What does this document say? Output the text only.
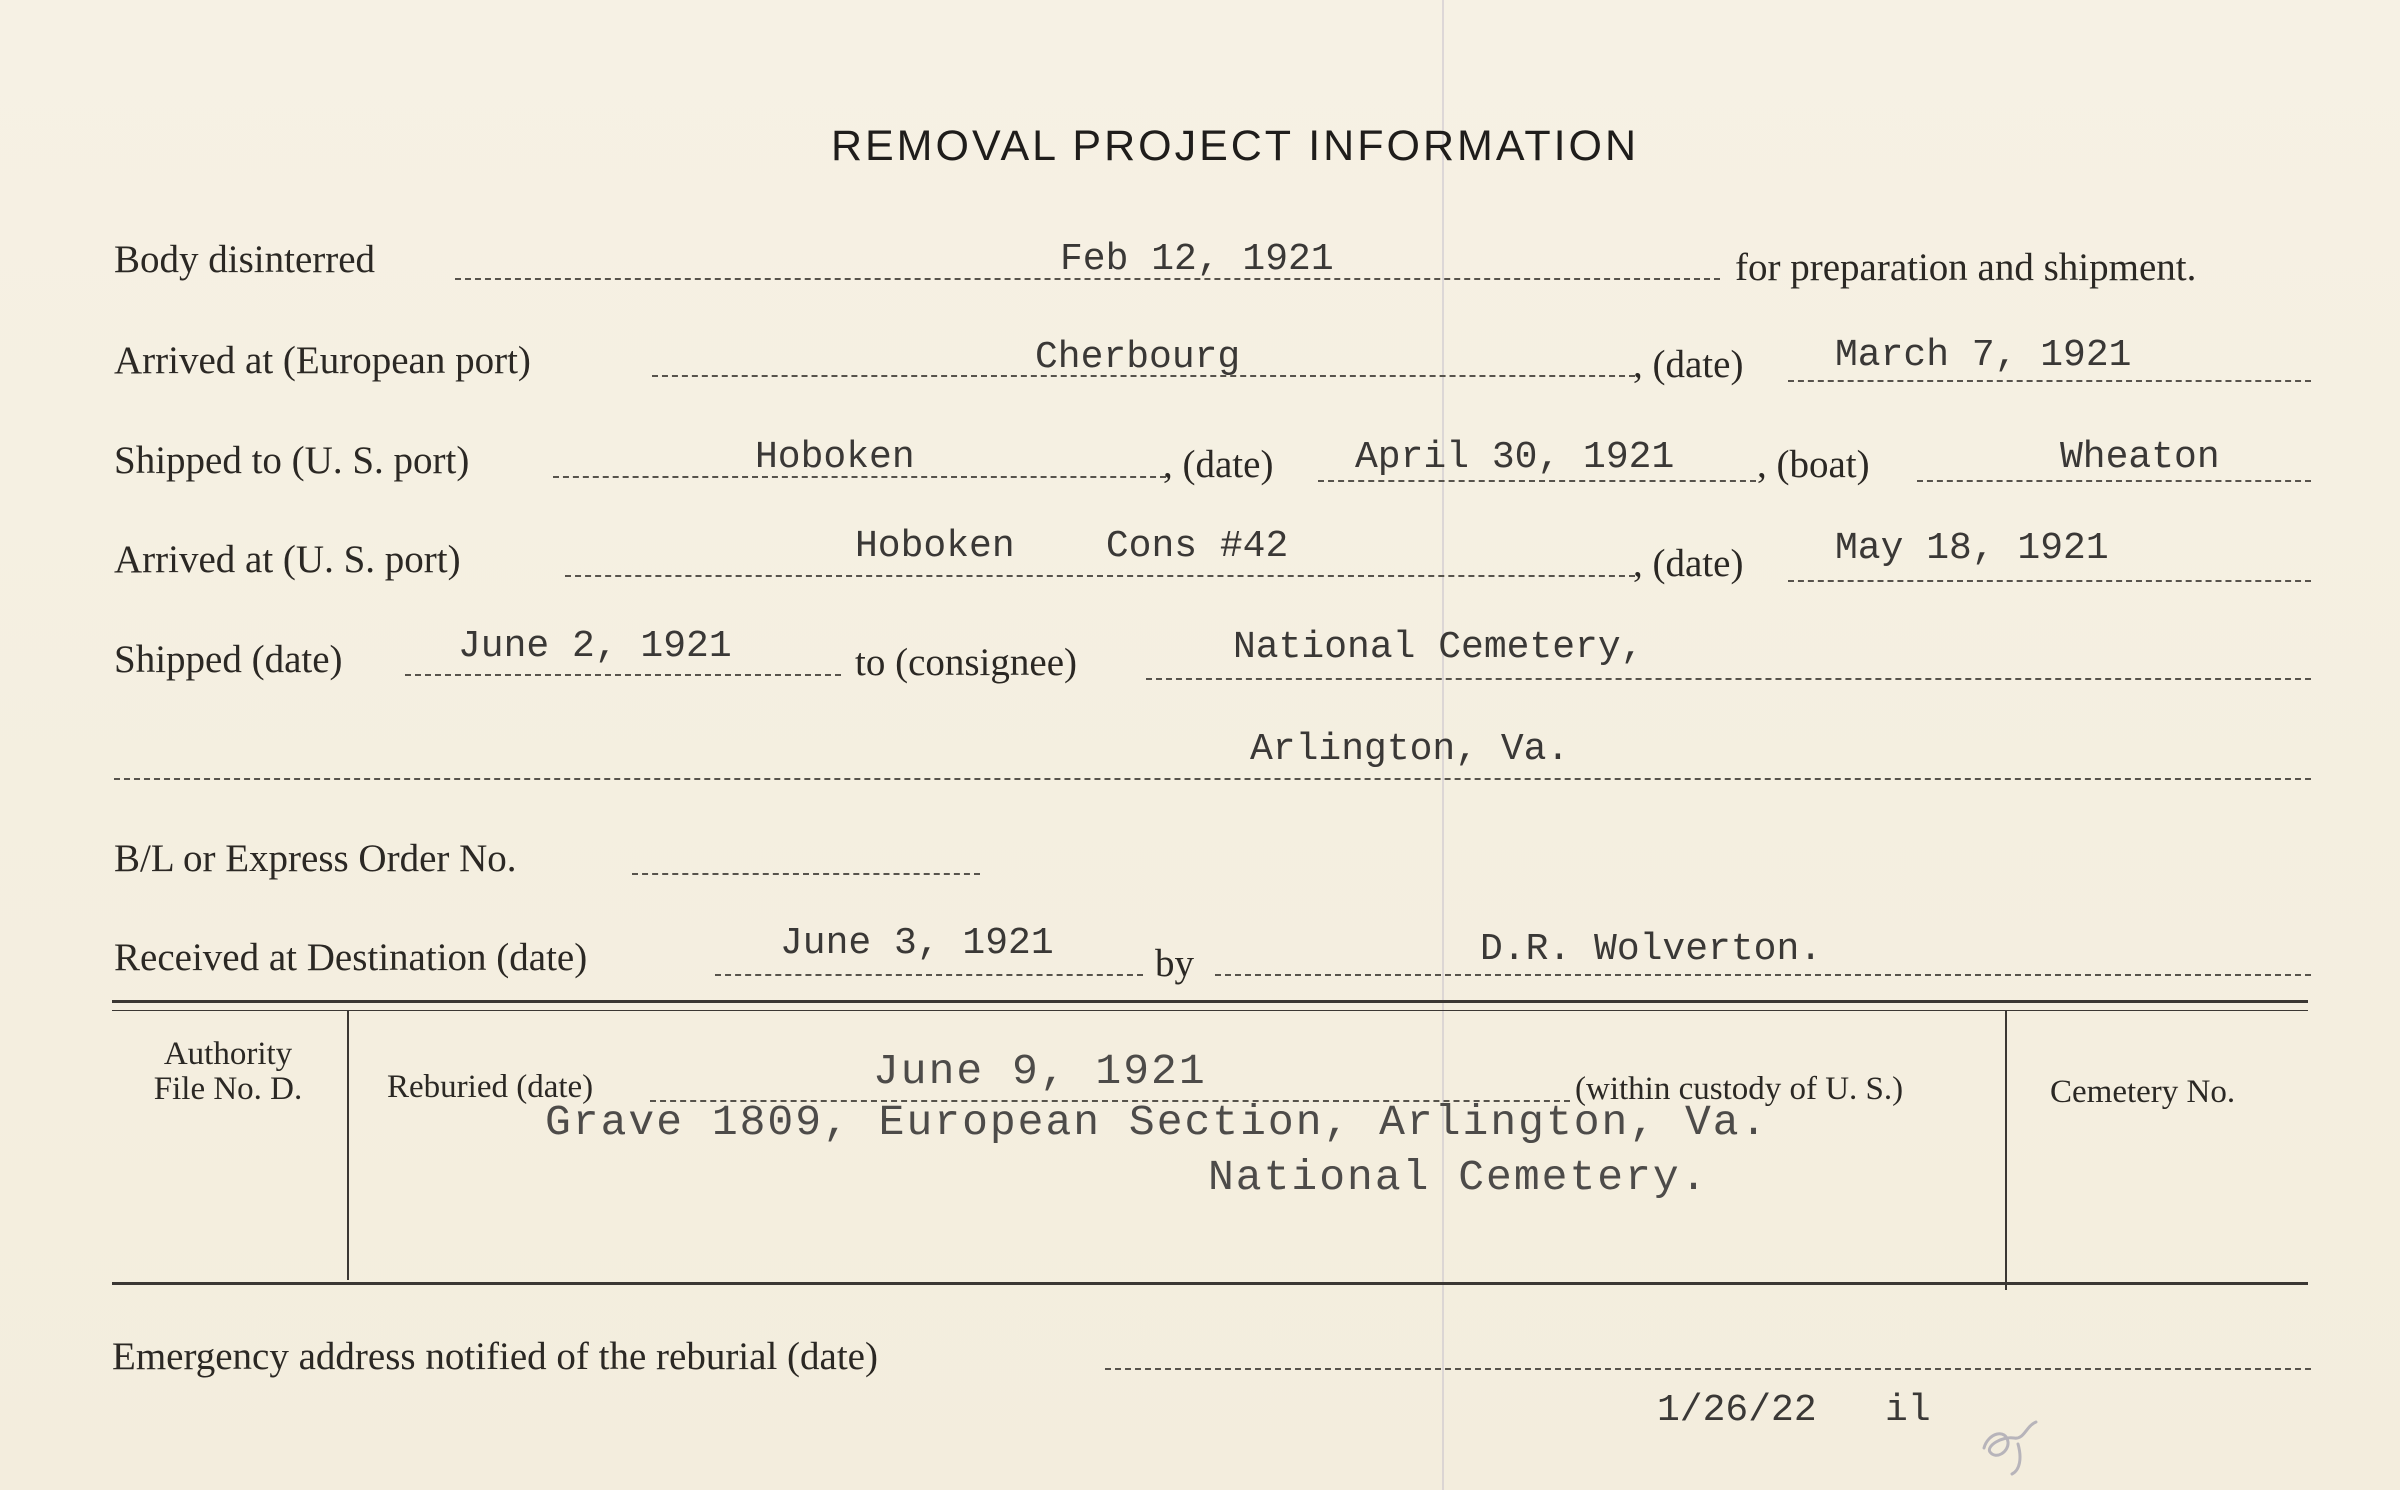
REMOVAL PROJECT INFORMATION
Body disinterred	Feb 12, 1921	for preparation and shipment.
Arrived at (European port)	Cherbourg	, (date) March 7, 1921
Shipped to (U. S. port)	Hoboken	, (date) April 30, 1921 , (boat)	Wheaton
Arrived at (U. S. port)	Hoboken    Cons #42	, (date) May 18, 1921
Shipped (date)	June 2, 1921	to (consignee)	National Cemetery,
Arlington, Va.
B/L or Express Order No.
Received at Destination (date)	June 3, 1921	by	D.R. Wolverton.
Authority
File No. D.	Reburied (date)	June 9, 1921	(within custody of U. S.)
Grave 1809, European Section, Arlington, Va.
National Cemetery.
Cemetery No.
Emergency address notified of the reburial (date)
1/26/22   il
